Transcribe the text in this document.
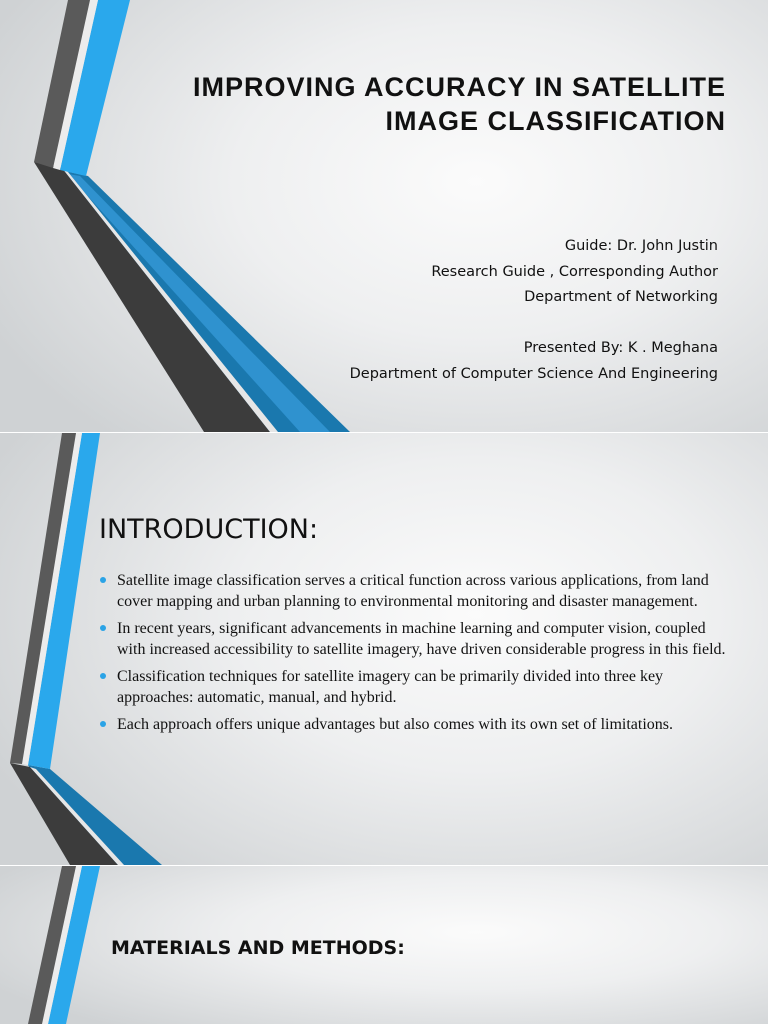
IMPROVING ACCURACY IN SATELLITE
IMAGE CLASSIFICATION
Guide: Dr. John Justin
Research Guide , Corresponding Author
Department of Networking
Presented By: K . Meghana
Department of Computer Science And Engineering
INTRODUCTION:
Satellite image classification serves a critical function across various applications, from land cover mapping and urban planning to environmental monitoring and disaster management.
In recent years, significant advancements in machine learning and computer vision, coupled with increased accessibility to satellite imagery, have driven considerable progress in this field.
Classification techniques for satellite imagery can be primarily divided into three key approaches: automatic, manual, and hybrid.
Each approach offers unique advantages but also comes with its own set of limitations.
MATERIALS AND METHODS:
